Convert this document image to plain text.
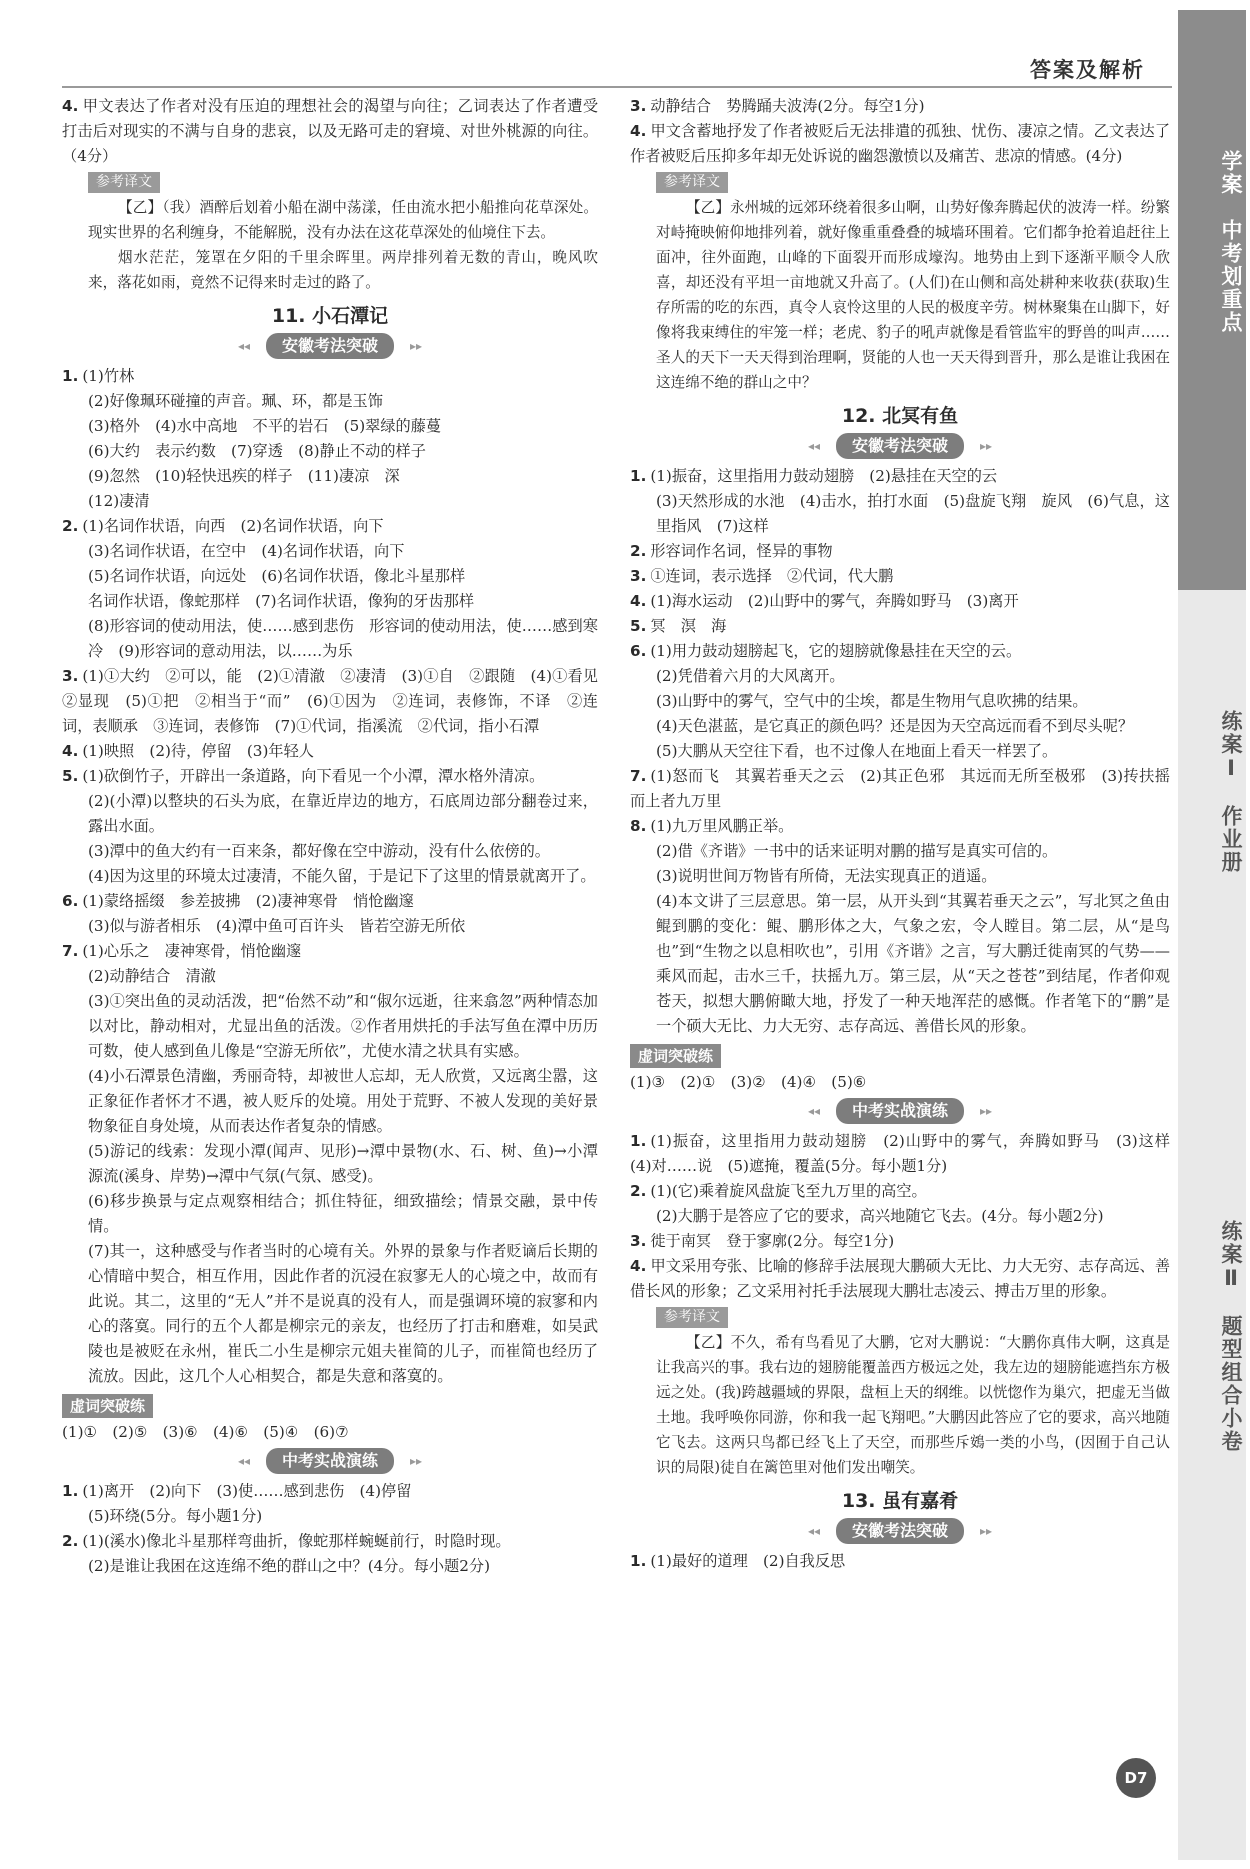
答案及解析
学案　中考划重点
练案Ⅰ　作业册
练案Ⅱ　题型组合小卷

4. 甲文表达了作者对没有压迫的理想社会的渴望与向往；乙词表达了作者遭受打击后对现实的不满与自身的悲哀，以及无路可走的窘境、对世外桃源的向往。（4分）

参考译文

【乙】（我）酒醉后划着小船在湖中荡漾，任由流水把小船推向花草深处。现实世界的名利缠身，不能解脱，没有办法在这花草深处的仙境住下去。

烟水茫茫，笼罩在夕阳的千里余晖里。两岸排列着无数的青山，晚风吹来，落花如雨，竟然不记得来时走过的路了。

11. 小石潭记
◂◂ 安徽考法突破 ▸▸

1. (1)竹林

(2)好像珮环碰撞的声音。珮、环，都是玉饰

(3)格外　(4)水中高地　不平的岩石　(5)翠绿的藤蔓

(6)大约　表示约数　(7)穿透　(8)静止不动的样子

(9)忽然　(10)轻快迅疾的样子　(11)凄凉　深

(12)凄清

2. (1)名词作状语，向西　(2)名词作状语，向下

(3)名词作状语，在空中　(4)名词作状语，向下

(5)名词作状语，向远处　(6)名词作状语，像北斗星那样

名词作状语，像蛇那样　(7)名词作状语，像狗的牙齿那样

(8)形容词的使动用法，使……感到悲伤　形容词的使动用法，使……感到寒冷　(9)形容词的意动用法，以……为乐

3. (1)①大约　②可以，能　(2)①清澈　②凄清　(3)①自　②跟随　(4)①看见　②显现　(5)①把　②相当于“而”　(6)①因为　②连词，表修饰，不译　②连词，表顺承　③连词，表修饰　(7)①代词，指溪流　②代词，指小石潭

4. (1)映照　(2)待，停留　(3)年轻人

5. (1)砍倒竹子，开辟出一条道路，向下看见一个小潭，潭水格外清凉。

(2)(小潭)以整块的石头为底，在靠近岸边的地方，石底周边部分翻卷过来，露出水面。

(3)潭中的鱼大约有一百来条，都好像在空中游动，没有什么依傍的。

(4)因为这里的环境太过凄清，不能久留，于是记下了这里的情景就离开了。

6. (1)蒙络摇缀　参差披拂　(2)凄神寒骨　悄怆幽邃

(3)似与游者相乐　(4)潭中鱼可百许头　皆若空游无所依

7. (1)心乐之　凄神寒骨，悄怆幽邃

(2)动静结合　清澈

(3)①突出鱼的灵动活泼，把“佁然不动”和“俶尔远逝，往来翕忽”两种情态加以对比，静动相对，尤显出鱼的活泼。②作者用烘托的手法写鱼在潭中历历可数，使人感到鱼儿像是“空游无所依”，尤使水清之状具有实感。

(4)小石潭景色清幽，秀丽奇特，却被世人忘却，无人欣赏，又远离尘嚣，这正象征作者怀才不遇，被人贬斥的处境。用处于荒野、不被人发现的美好景物象征自身处境，从而表达作者复杂的情感。

(5)游记的线索：发现小潭(闻声、见形)→潭中景物(水、石、树、鱼)→小潭源流(溪身、岸势)→潭中气氛(气氛、感受)。

(6)移步换景与定点观察相结合；抓住特征，细致描绘；情景交融，景中传情。

(7)其一，这种感受与作者当时的心境有关。外界的景象与作者贬谪后长期的心情暗中契合，相互作用，因此作者的沉浸在寂寥无人的心境之中，故而有此说。其二，这里的“无人”并不是说真的没有人，而是强调环境的寂寥和内心的落寞。同行的五个人都是柳宗元的亲友，也经历了打击和磨难，如吴武陵也是被贬在永州，崔氏二小生是柳宗元姐夫崔简的儿子，而崔简也经历了流放。因此，这几个人心相契合，都是失意和落寞的。

虚词突破练

(1)①　(2)⑤　(3)⑥　(4)⑥　(5)④　(6)⑦

◂◂ 中考实战演练 ▸▸

1. (1)离开　(2)向下　(3)使……感到悲伤　(4)停留

(5)环绕(5分。每小题1分)

2. (1)(溪水)像北斗星那样弯曲折，像蛇那样蜿蜒前行，时隐时现。

(2)是谁让我困在这连绵不绝的群山之中？(4分。每小题2分)

3. 动静结合　势腾踊夫波涛(2分。每空1分)

4. 甲文含蓄地抒发了作者被贬后无法排遣的孤独、忧伤、凄凉之情。乙文表达了作者被贬后压抑多年却无处诉说的幽怨激愤以及痛苦、悲凉的情感。(4分)

参考译文

【乙】永州城的远郊环绕着很多山啊，山势好像奔腾起伏的波涛一样。纷繁对峙掩映俯仰地排列着，就好像重重叠叠的城墙环围着。它们都争抢着追赶往上面冲，往外面跑，山峰的下面裂开而形成壕沟。地势由上到下逐渐平顺令人欣喜，却还没有平坦一亩地就又升高了。(人们)在山侧和高处耕种来收获(获取)生存所需的吃的东西，真令人哀怜这里的人民的极度辛劳。树林聚集在山脚下，好像将我束缚住的牢笼一样；老虎、豹子的吼声就像是看管监牢的野兽的叫声……圣人的天下一天天得到治理啊，贤能的人也一天天得到晋升，那么是谁让我困在这连绵不绝的群山之中？

12. 北冥有鱼
◂◂ 安徽考法突破 ▸▸

1. (1)振奋，这里指用力鼓动翅膀　(2)悬挂在天空的云

(3)天然形成的水池　(4)击水，拍打水面　(5)盘旋飞翔　旋风　(6)气息，这里指风　(7)这样

2. 形容词作名词，怪异的事物

3. ①连词，表示选择　②代词，代大鹏

4. (1)海水运动　(2)山野中的雾气，奔腾如野马　(3)离开

5. 冥　溟　海

6. (1)用力鼓动翅膀起飞，它的翅膀就像悬挂在天空的云。

(2)凭借着六月的大风离开。

(3)山野中的雾气，空气中的尘埃，都是生物用气息吹拂的结果。

(4)天色湛蓝，是它真正的颜色吗？还是因为天空高远而看不到尽头呢？

(5)大鹏从天空往下看，也不过像人在地面上看天一样罢了。

7. (1)怒而飞　其翼若垂天之云　(2)其正色邪　其远而无所至极邪　(3)抟扶摇而上者九万里

8. (1)九万里风鹏正举。

(2)借《齐谐》一书中的话来证明对鹏的描写是真实可信的。

(3)说明世间万物皆有所倚，无法实现真正的逍遥。

(4)本文讲了三层意思。第一层，从开头到“其翼若垂天之云”，写北冥之鱼由鲲到鹏的变化：鲲、鹏形体之大，气象之宏，令人瞠目。第二层，从“是鸟也”到“生物之以息相吹也”，引用《齐谐》之言，写大鹏迁徙南冥的气势——乘风而起，击水三千，扶摇九万。第三层，从“天之苍苍”到结尾，作者仰观苍天，拟想大鹏俯瞰大地，抒发了一种天地浑茫的感慨。作者笔下的“鹏”是一个硕大无比、力大无穷、志存高远、善借长风的形象。

虚词突破练

(1)③　(2)①　(3)②　(4)④　(5)⑥

◂◂ 中考实战演练 ▸▸

1. (1)振奋，这里指用力鼓动翅膀　(2)山野中的雾气，奔腾如野马　(3)这样　(4)对……说　(5)遮掩，覆盖(5分。每小题1分)

2. (1)(它)乘着旋风盘旋飞至九万里的高空。

(2)大鹏于是答应了它的要求，高兴地随它飞去。(4分。每小题2分)

3. 徙于南冥　登于寥廓(2分。每空1分)

4. 甲文采用夸张、比喻的修辞手法展现大鹏硕大无比、力大无穷、志存高远、善借长风的形象；乙文采用衬托手法展现大鹏壮志凌云、搏击万里的形象。

参考译文

【乙】不久，希有鸟看见了大鹏，它对大鹏说：“大鹏你真伟大啊，这真是让我高兴的事。我右边的翅膀能覆盖西方极远之处，我左边的翅膀能遮挡东方极远之处。(我)跨越疆域的界限，盘桓上天的纲维。以恍惚作为巢穴，把虚无当做土地。我呼唤你同游，你和我一起飞翔吧。”大鹏因此答应了它的要求，高兴地随它飞去。这两只鸟都已经飞上了天空，而那些斥鴳一类的小鸟，(因囿于自己认识的局限)徒自在篱笆里对他们发出嘲笑。

13. 虽有嘉肴
◂◂ 安徽考法突破 ▸▸

1. (1)最好的道理　(2)自我反思

D7
